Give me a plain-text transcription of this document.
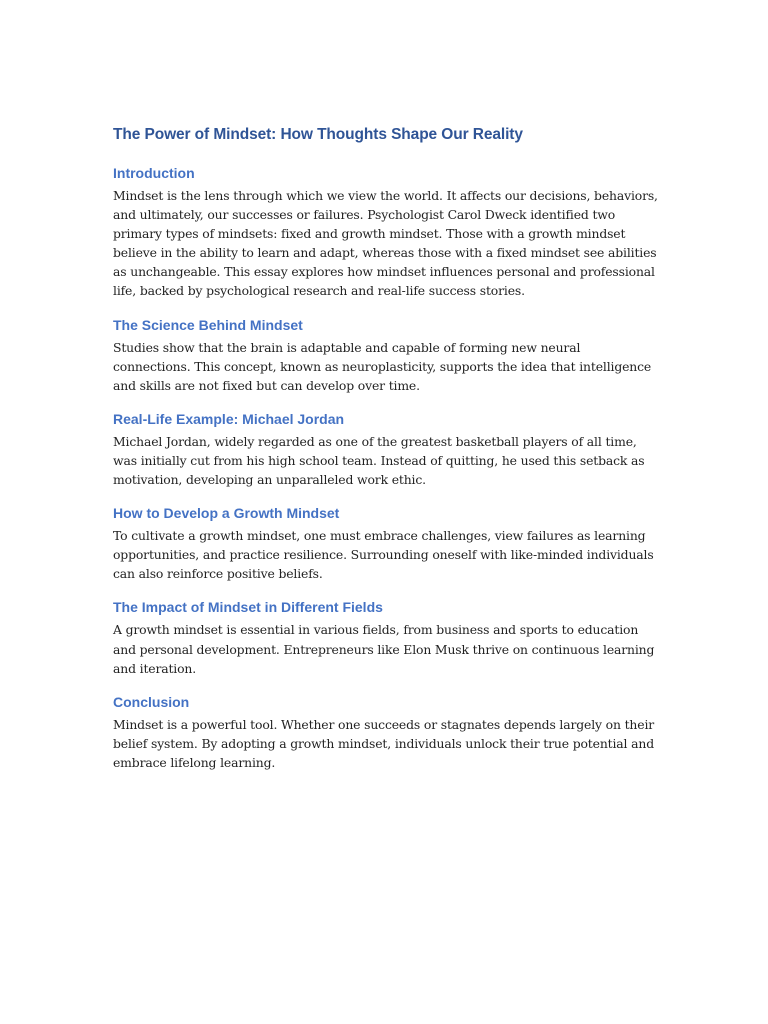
The Power of Mindset: How Thoughts Shape Our Reality
Introduction

Mindset is the lens through which we view the world. It affects our decisions, behaviors, and ultimately, our successes or failures. Psychologist Carol Dweck identified two primary types of mindsets: fixed and growth mindset. Those with a growth mindset believe in the ability to learn and adapt, whereas those with a fixed mindset see abilities as unchangeable. This essay explores how mindset influences personal and professional life, backed by psychological research and real-life success stories.

The Science Behind Mindset

Studies show that the brain is adaptable and capable of forming new neural connections. This concept, known as neuroplasticity, supports the idea that intelligence and skills are not fixed but can develop over time.

Real-Life Example: Michael Jordan

Michael Jordan, widely regarded as one of the greatest basketball players of all time, was initially cut from his high school team. Instead of quitting, he used this setback as motivation, developing an unparalleled work ethic.

How to Develop a Growth Mindset

To cultivate a growth mindset, one must embrace challenges, view failures as learning opportunities, and practice resilience. Surrounding oneself with like-minded individuals can also reinforce positive beliefs.

The Impact of Mindset in Different Fields

A growth mindset is essential in various fields, from business and sports to education and personal development. Entrepreneurs like Elon Musk thrive on continuous learning and iteration.

Conclusion

Mindset is a powerful tool. Whether one succeeds or stagnates depends largely on their belief system. By adopting a growth mindset, individuals unlock their true potential and embrace lifelong learning.
